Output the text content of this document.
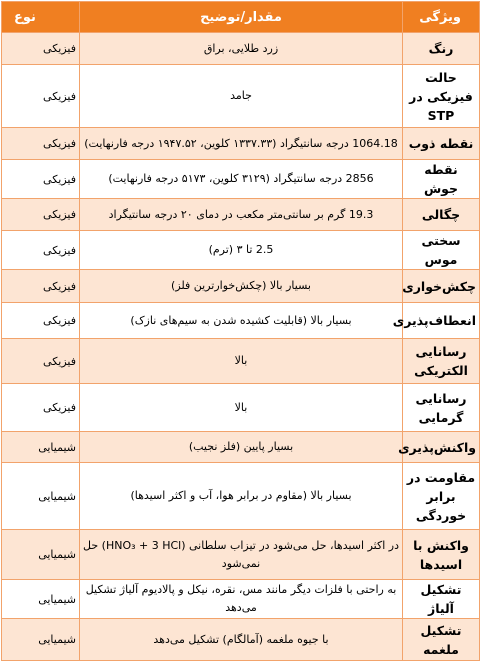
ویژگی	مقدار/توضیح	نوع
رنگ	زرد طلایی، براق	فیزیکی
حالت فیزیکی در STP	جامد	فیزیکی
نقطه ذوب	1064.18 درجه سانتیگراد (۱۳۳۷.۳۳ کلوین، ۱۹۴۷.۵۲ درجه فارنهایت)	فیزیکی
نقطه جوش	2856 درجه سانتیگراد (۳۱۲۹ کلوین، ۵۱۷۳ درجه فارنهایت)	فیزیکی
چگالی	19.3 گرم بر سانتی‌متر مکعب در دمای ۲۰ درجه سانتیگراد	فیزیکی
سختی موس	2.5 تا ۳ (ترم)	فیزیکی
چکش‌خواری	بسیار بالا (چکش‌خوارترین فلز)	فیزیکی
انعطاف‌پذیری	بسیار بالا (قابلیت کشیده شدن به سیم‌های نازک)	فیزیکی
رسانایی الکتریکی	بالا	فیزیکی
رسانایی گرمایی	بالا	فیزیکی
واکنش‌پذیری	بسیار پایین (فلز نجیب)	شیمیایی
مقاومت در برابر خوردگی	بسیار بالا (مقاوم در برابر هوا، آب و اکثر اسیدها)	شیمیایی
واکنش با اسیدها	در اکثر اسیدها، حل می‌شود در تیزاب سلطانی (HNO₃ + 3 HCl) حل نمی‌شود	شیمیایی
تشکیل آلیاژ	به راحتی با فلزات دیگر مانند مس، نقره، نیکل و پالادیوم آلیاژ تشکیل می‌دهد	شیمیایی
تشکیل ملغمه	با جیوه ملغمه (آمالگام) تشکیل می‌دهد	شیمیایی
